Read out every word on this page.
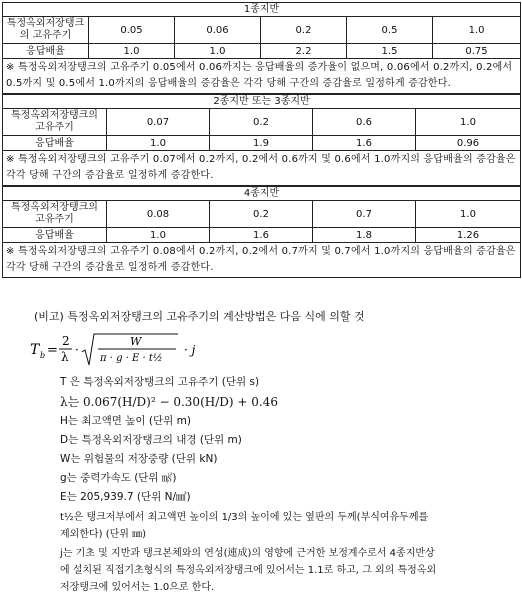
1종지반					
특정옥외저장탱크
의 고유주기	0.05	0.06	0.2	0.5	1.0
응답배율	1.0	1.0	2.2	1.5	0.75
※ 특정옥외저장탱크의 고유주기 0.05에서 0.06까지는 응답배율의 증가율이 없으며, 0.06에서 0.2까지, 0.2에서 0.5까지 및 0.5에서 1.0까지의 응답배율의 증감율은 각각 당해 구간의 증감율로 일정하게 증감한다.					
2종지반 또는 3종지반				
특정옥외저장탱크의
고유주기	0.07	0.2	0.6	1.0
응답배율	1.0	1.9	1.6	0.96
※ 특정옥외저장탱크의 고유주기 0.07에서 0.2까지, 0.2에서 0.6까지 및 0.6에서 1.0까지의 응답배율의 증감율은 각각 당해 구간의 증감율로 일정하게 증감한다.				
4종지반				
특정옥외저장탱크의
고유주기	0.08	0.2	0.7	1.0
응답배율	1.0	1.6	1.8	1.26
※ 특정옥외저장탱크의 고유주기 0.08에서 0.2까지, 0.2에서 0.7까지 및 0.7에서 1.0까지의 응답배율의 증감율은 각각 당해 구간의 증감율로 일정하게 증감한다.				
(비고) 특정옥외저장탱크의 고유주기의 계산방법은 다음 식에 의할 것
T b =
2
λ ·
W
π · g · E · t½
· j
T 은 특정옥외저장탱크의 고유주기 (단위 s)
λ는 0.067(H/D)² − 0.30(H/D) + 0.46
H는 최고액면 높이 (단위 m)
D는 특정옥외저장탱크의 내경 (단위 m)
W는 위험물의 저장중량 (단위 kN)
g는 중력가속도 (단위 ㎨)
E는 205,939.7 (단위 N/㎟)
t½은 탱크저부에서 최고액면 높이의 1/3의 높이에 있는 옆판의 두께(부식여유두께를
제외한다) (단위 ㎜)
j는 기초 및 지반과 탱크본체와의 연성(連成)의 영향에 근거한 보정계수로서 4종지반상
에 설치된 직접기초형식의 특정옥외저장탱크에 있어서는 1.1로 하고, 그 외의 특정옥외
저장탱크에 있어서는 1.0으로 한다.
